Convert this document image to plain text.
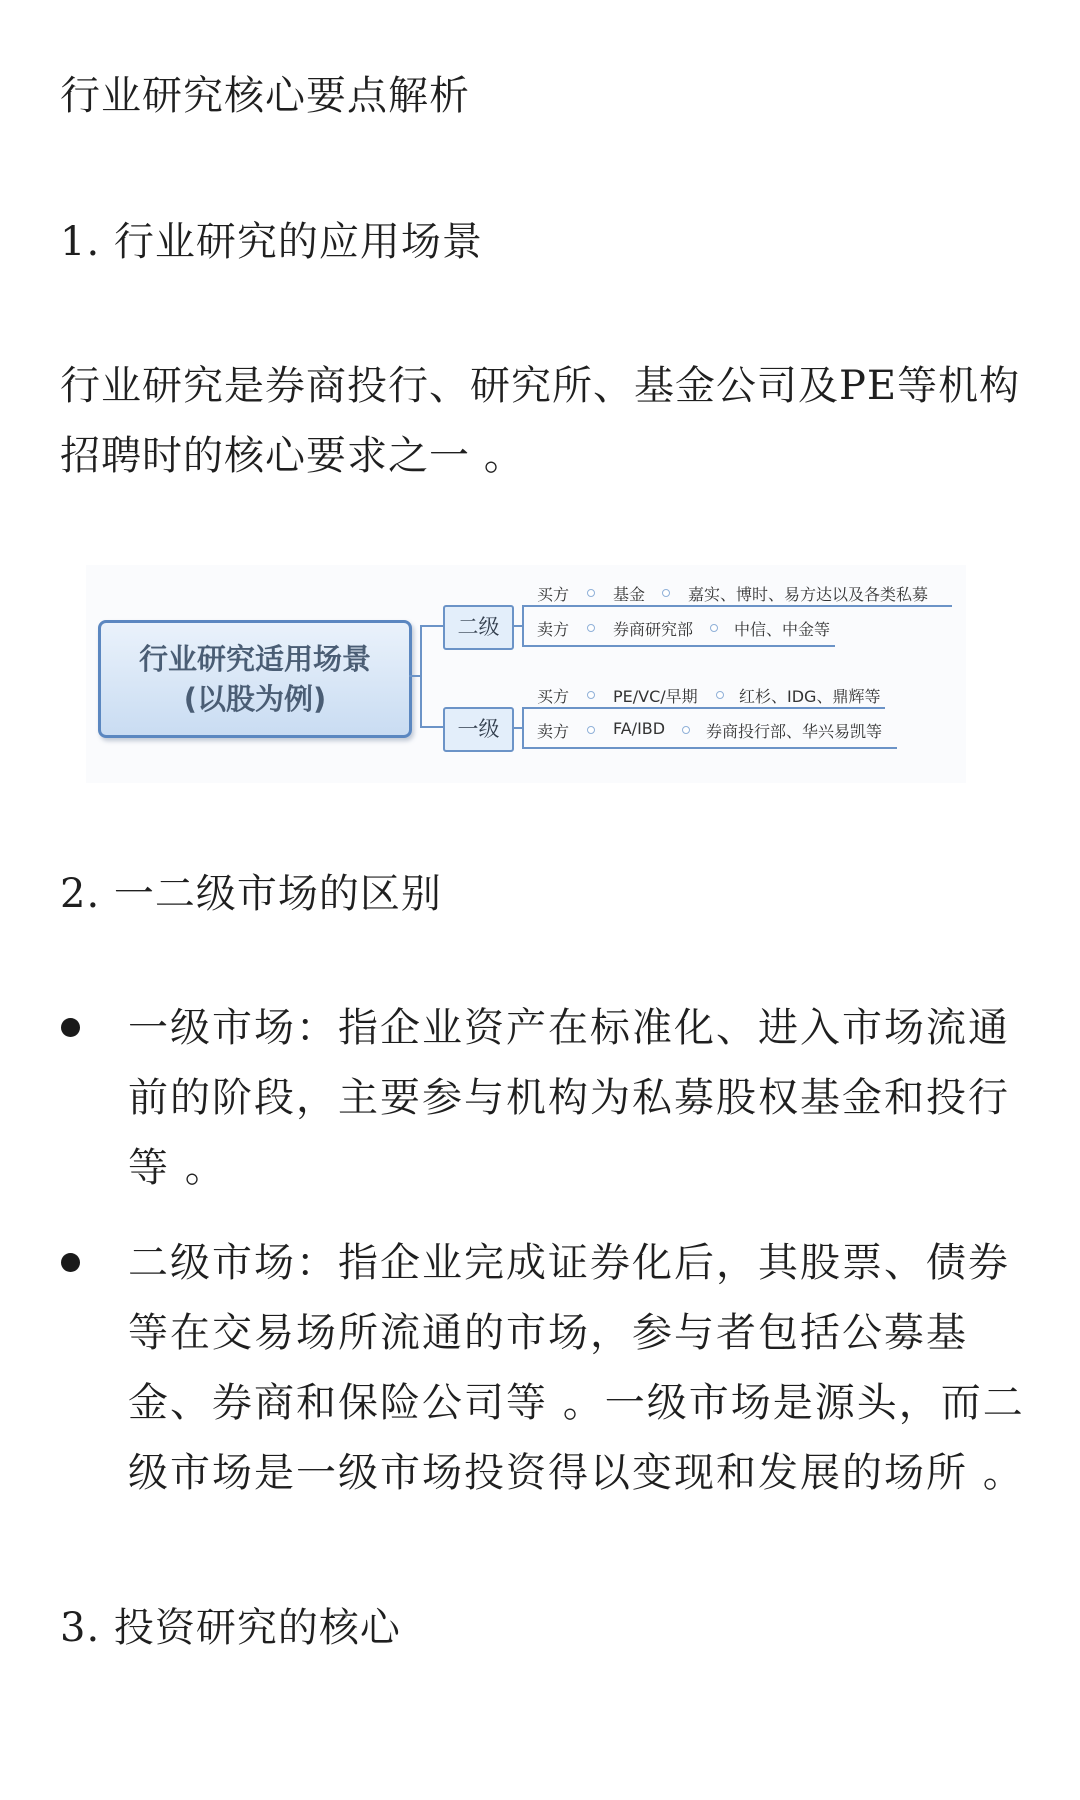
行业研究核心要点解析

1. 行业研究的应用场景

行业研究是券商投行、研究所、基金公司及PE等机构

招聘时的核心要求之一 。

行业研究适用场景
(以股为例)
二级
买方	基金	嘉实、博时、易方达以及各类私募
卖方	券商研究部	中信、中金等
一级
买方	PE/VC/早期	红杉、IDG、鼎辉等
卖方	FA/IBD	券商投行部、华兴易凯等

2. 一二级市场的区别

一级市场：指企业资产在标准化、进入市场流通
前的阶段，主要参与机构为私募股权基金和投行
等 。

二级市场：指企业完成证券化后，其股票、债券
等在交易场所流通的市场，参与者包括公募基
金、券商和保险公司等 。一级市场是源头，而二
级市场是一级市场投资得以变现和发展的场所 。

3. 投资研究的核心
